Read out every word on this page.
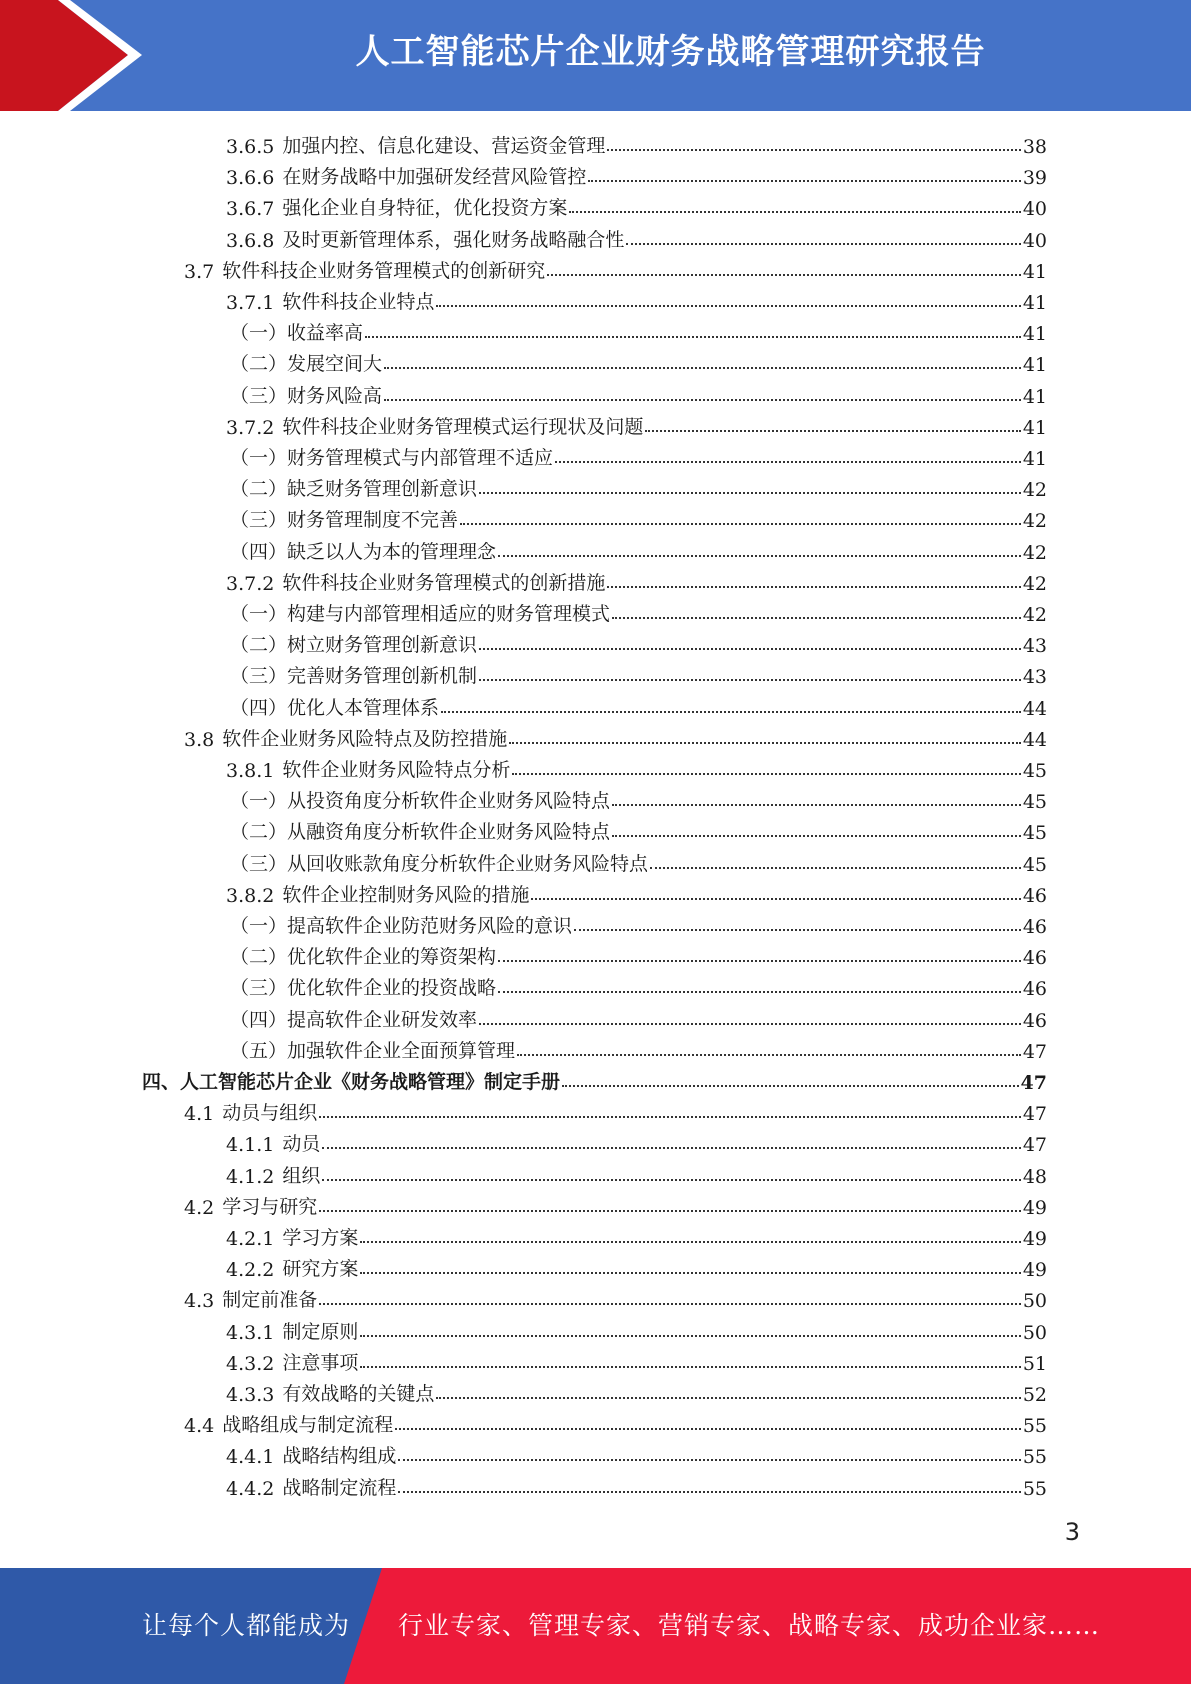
人工智能芯片企业财务战略管理研究报告
3.6.5 加强内控、信息化建设、营运资金管理	38
3.6.6 在财务战略中加强研发经营风险管控	39
3.6.7 强化企业自身特征，优化投资方案	40
3.6.8 及时更新管理体系，强化财务战略融合性	40
3.7 软件科技企业财务管理模式的创新研究	41
3.7.1 软件科技企业特点	41
（一）收益率高	41
（二）发展空间大	41
（三）财务风险高	41
3.7.2 软件科技企业财务管理模式运行现状及问题	41
（一）财务管理模式与内部管理不适应	41
（二）缺乏财务管理创新意识	42
（三）财务管理制度不完善	42
（四）缺乏以人为本的管理理念	42
3.7.2 软件科技企业财务管理模式的创新措施	42
（一）构建与内部管理相适应的财务管理模式	42
（二）树立财务管理创新意识	43
（三）完善财务管理创新机制	43
（四）优化人本管理体系	44
3.8 软件企业财务风险特点及防控措施	44
3.8.1 软件企业财务风险特点分析	45
（一）从投资角度分析软件企业财务风险特点	45
（二）从融资角度分析软件企业财务风险特点	45
（三）从回收账款角度分析软件企业财务风险特点	45
3.8.2 软件企业控制财务风险的措施	46
（一）提高软件企业防范财务风险的意识	46
（二）优化软件企业的筹资架构	46
（三）优化软件企业的投资战略	46
（四）提高软件企业研发效率	46
（五）加强软件企业全面预算管理	47
四、人工智能芯片企业《财务战略管理》制定手册	47
4.1 动员与组织	47
4.1.1 动员	47
4.1.2 组织	48
4.2 学习与研究	49
4.2.1 学习方案	49
4.2.2 研究方案	49
4.3 制定前准备	50
4.3.1 制定原则	50
4.3.2 注意事项	51
4.3.3 有效战略的关键点	52
4.4 战略组成与制定流程	55
4.4.1 战略结构组成	55
4.4.2 战略制定流程	55
3
让每个人都能成为 行业专家、管理专家、营销专家、战略专家、成功企业家……
